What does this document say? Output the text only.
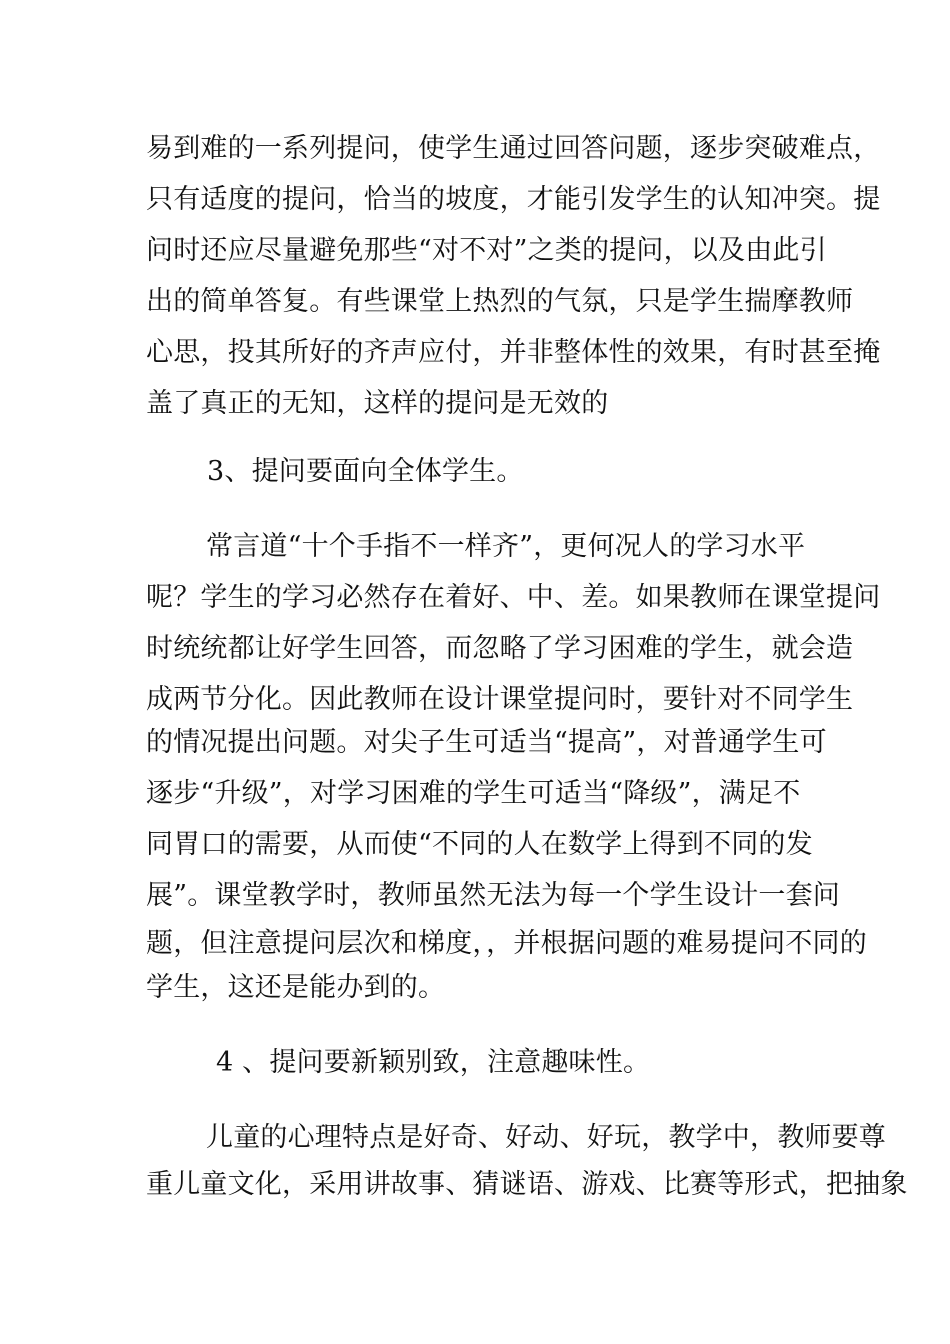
易到难的一系列提问，使学生通过回答问题，逐步突破难点，
只有适度的提问，恰当的坡度，才能引发学生的认知冲突。提
问时还应尽量避免那些“对不对”之类的提问，以及由此引
出的简单答复。有些课堂上热烈的气氛，只是学生揣摩教师
心思，投其所好的齐声应付，并非整体性的效果，有时甚至掩
盖了真正的无知，这样的提问是无效的
3、提问要面向全体学生。
常言道“十个手指不一样齐”，更何况人的学习水平
呢？学生的学习必然存在着好、中、差。如果教师在课堂提问
时统统都让好学生回答，而忽略了学习困难的学生，就会造
成两节分化。因此教师在设计课堂提问时，要针对不同学生
的情况提出问题。对尖子生可适当“提高”，对普通学生可
逐步“升级”，对学习困难的学生可适当“降级”，满足不
同胃口的需要，从而使“不同的人在数学上得到不同的发
展”。课堂教学时，教师虽然无法为每一个学生设计一套问
题，但注意提问层次和梯度，，并根据问题的难易提问不同的
学生，这还是能办到的。
4 、提问要新颖别致，注意趣味性。
儿童的心理特点是好奇、好动、好玩，教学中，教师要尊
重儿童文化，采用讲故事、猜谜语、游戏、比赛等形式，把抽象
